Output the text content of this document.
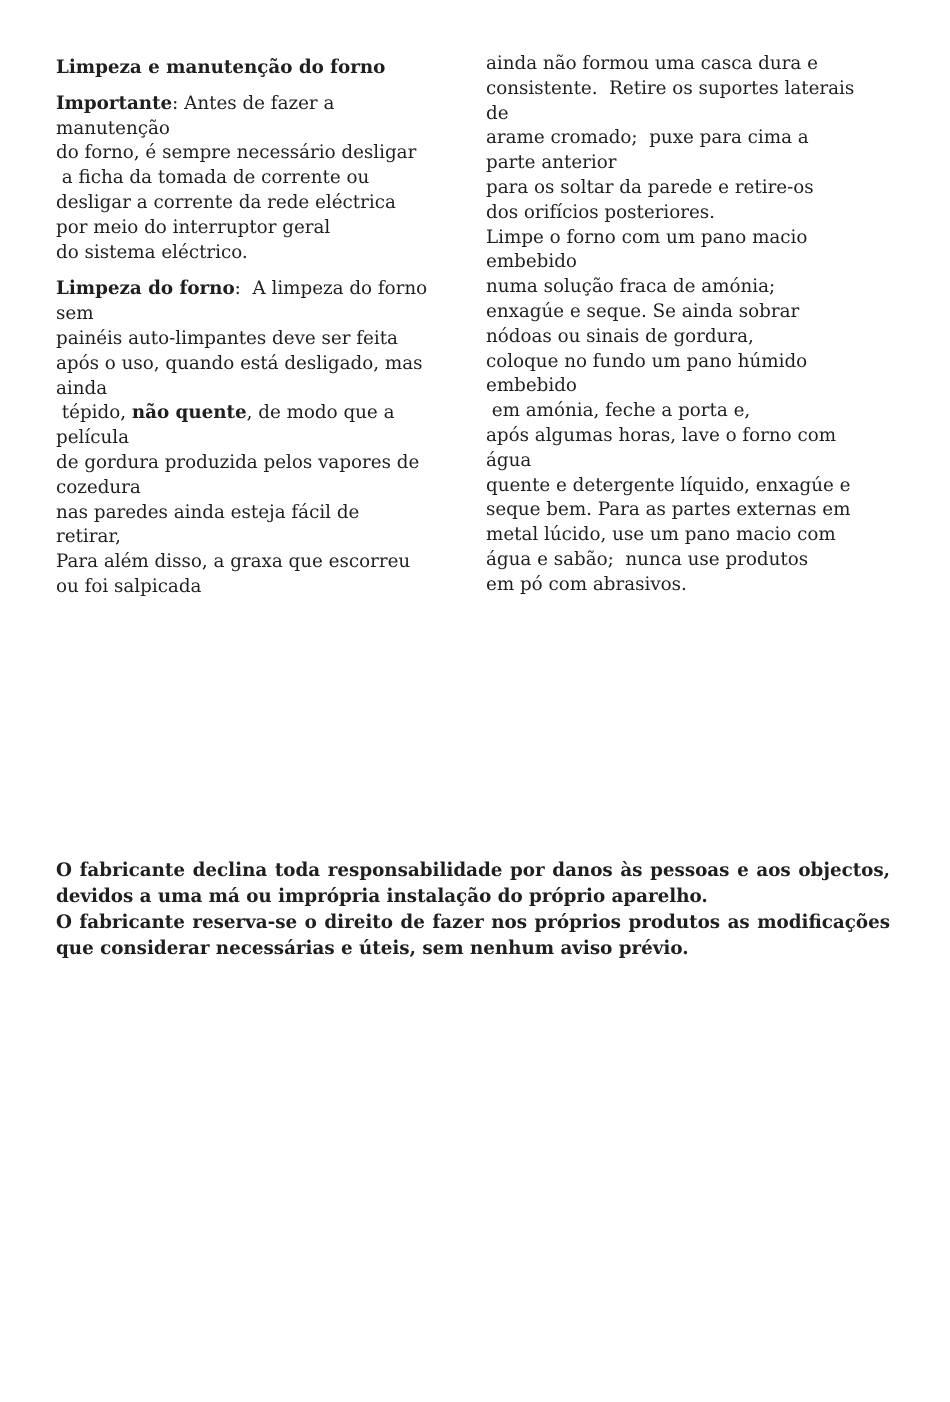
Limpeza e manutenção do forno
Importante: Antes de fazer a
manutenção
do forno, é sempre necessário desligar
a ficha da tomada de corrente ou
desligar a corrente da rede eléctrica
por meio do interruptor geral
do sistema eléctrico.
Limpeza do forno:  A limpeza do forno
sem
painéis auto-limpantes deve ser feita
após o uso, quando está desligado, mas
ainda
tépido, não quente, de modo que a
película
de gordura produzida pelos vapores de
cozedura
nas paredes ainda esteja fácil de
retirar,
Para além disso, a graxa que escorreu
ou foi salpicada
ainda não formou uma casca dura e
consistente.  Retire os suportes laterais
de
arame cromado;  puxe para cima a
parte anterior
para os soltar da parede e retire-os
dos orifícios posteriores.
Limpe o forno com um pano macio
embebido
numa solução fraca de amónia;
enxagúe e seque. Se ainda sobrar
nódoas ou sinais de gordura,
coloque no fundo um pano húmido
embebido
em amónia, feche a porta e,
após algumas horas, lave o forno com
água
quente e detergente líquido, enxagúe e
seque bem. Para as partes externas em
metal lúcido, use um pano macio com
água e sabão;  nunca use produtos
em pó com abrasivos.

O fabricante declina toda responsabilidade por danos às pessoas e aos objectos, devidos a uma má ou imprópria instalação do próprio aparelho.

O fabricante reserva-se o direito de fazer nos próprios produtos as modificações que considerar necessárias e úteis, sem nenhum aviso prévio.
